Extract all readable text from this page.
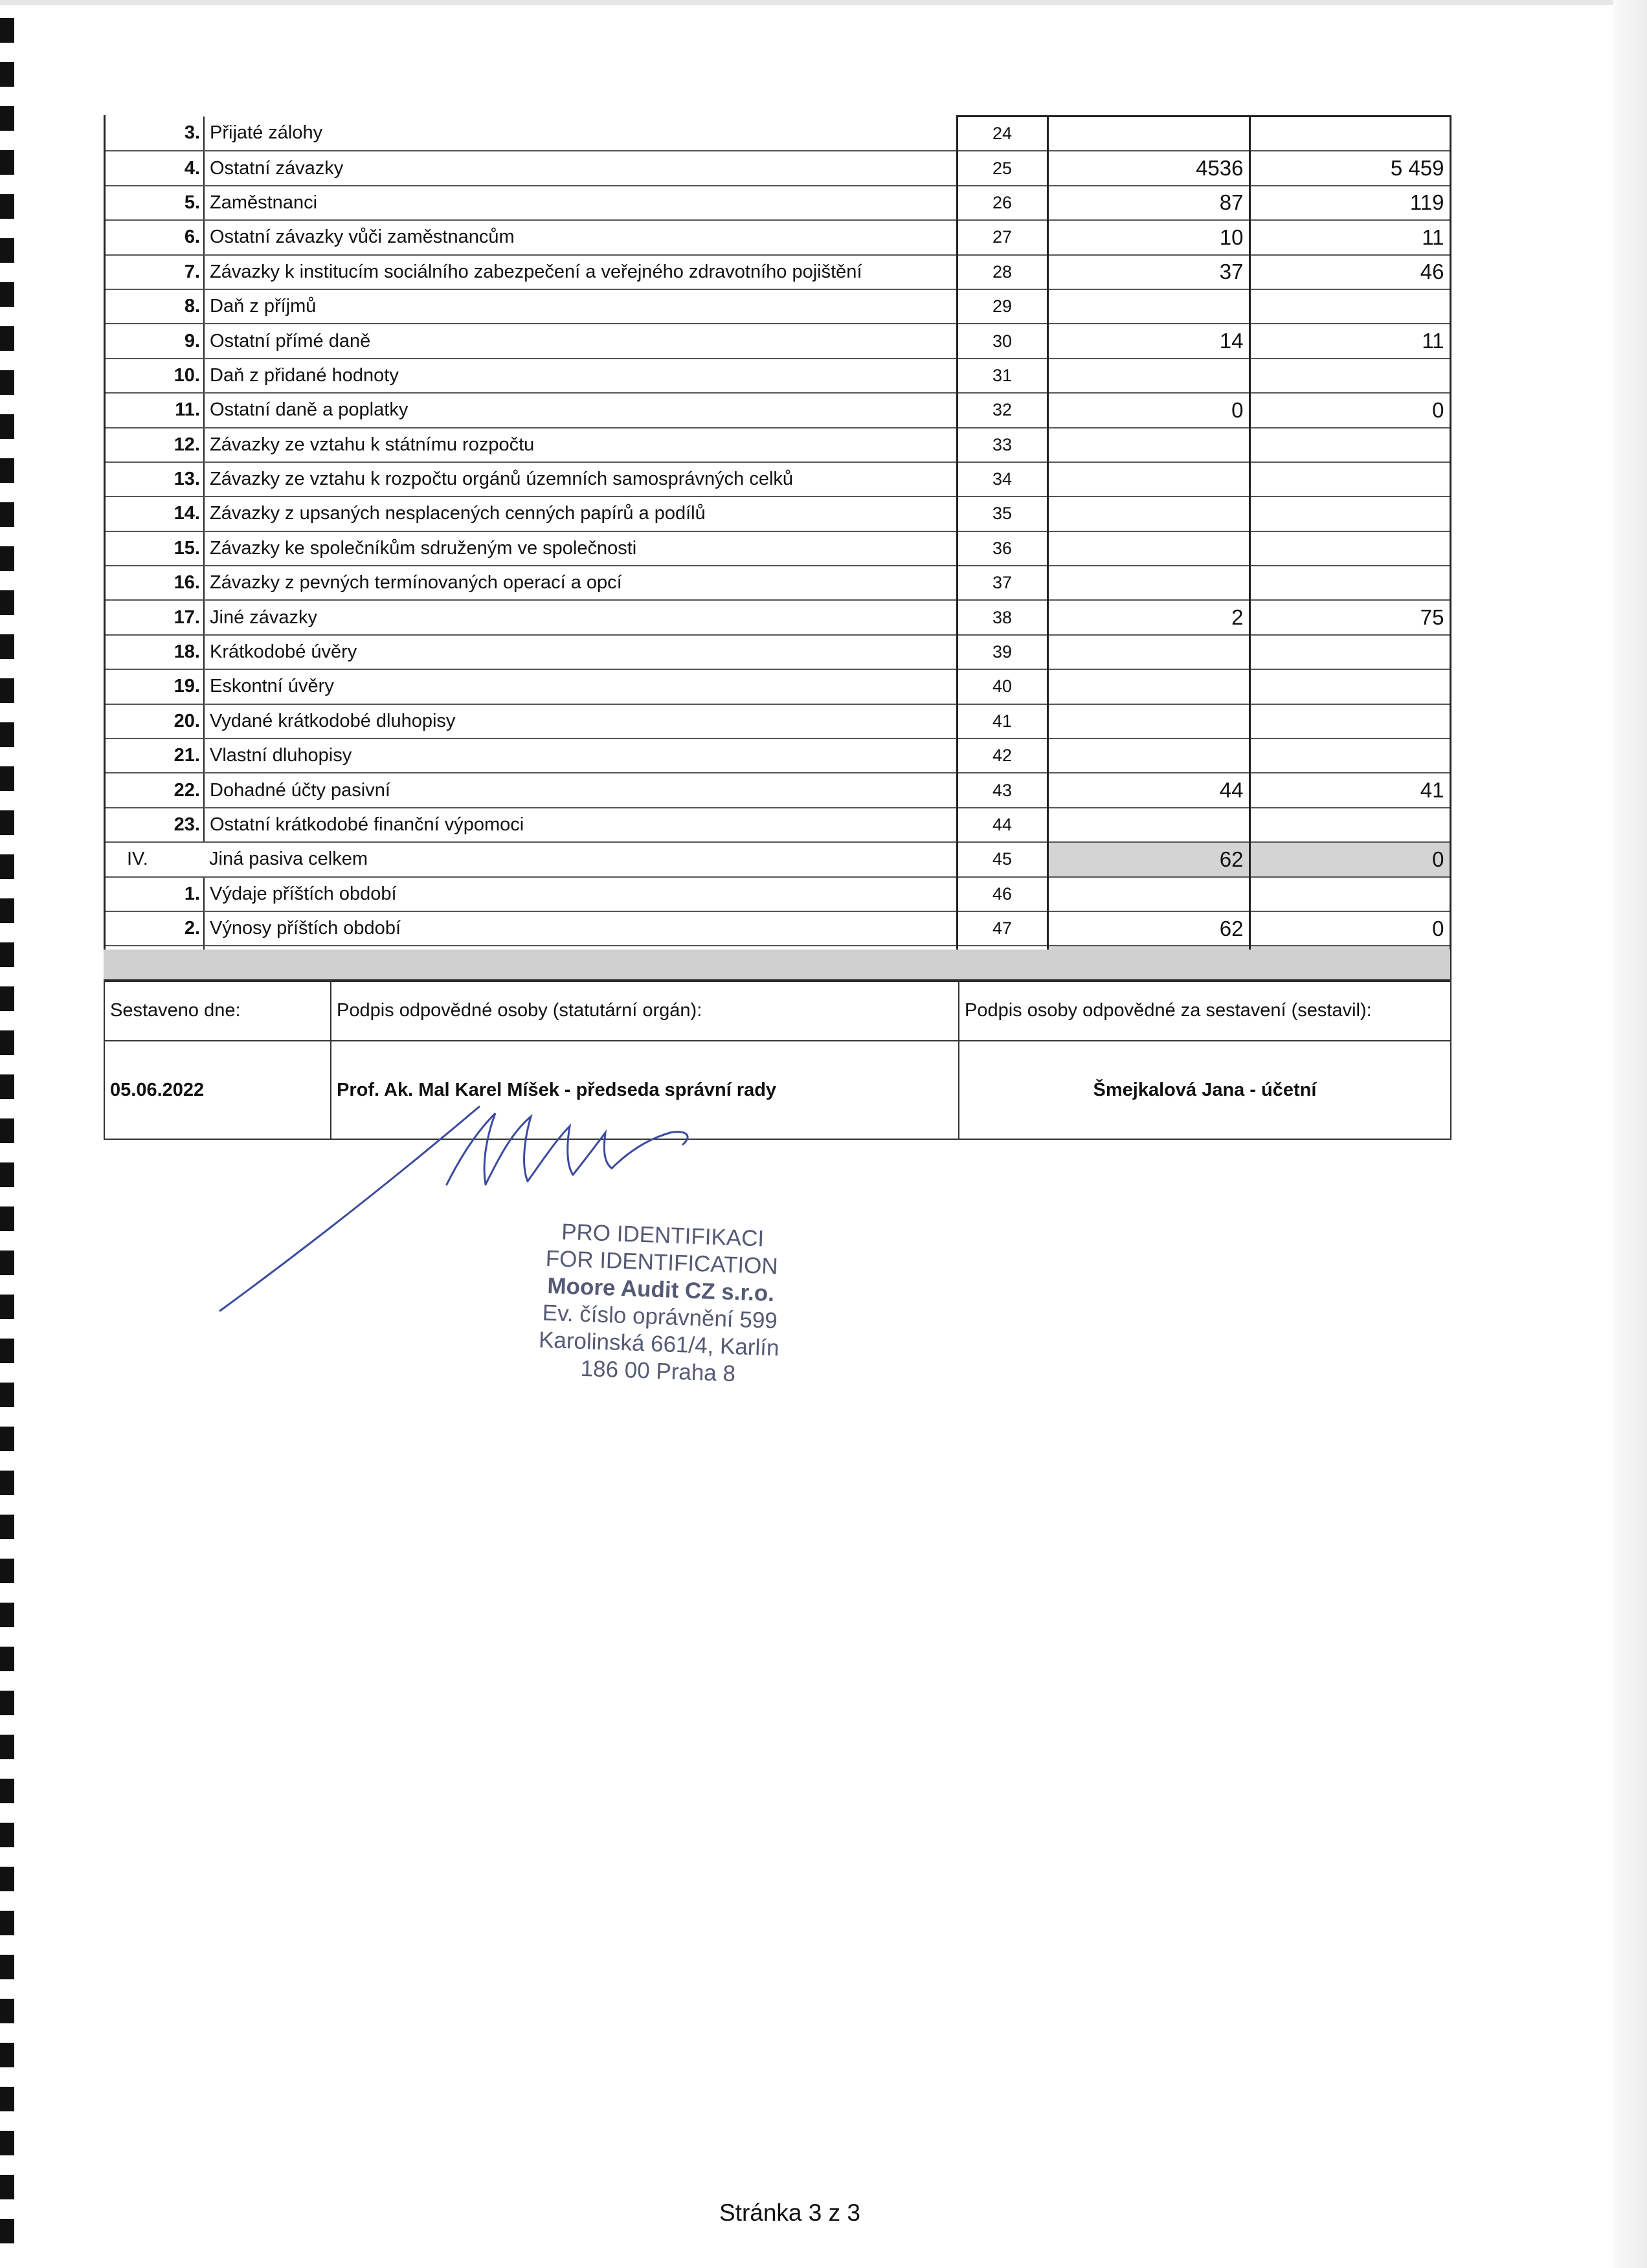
3.	Přijaté zálohy	24		
4.	Ostatní závazky	25	4536	5 459
5.	Zaměstnanci	26	87	119
6.	Ostatní závazky vůči zaměstnancům	27	10	11
7.	Závazky k institucím sociálního zabezpečení a veřejného zdravotního pojištění	28	37	46
8.	Daň z příjmů	29		
9.	Ostatní přímé daně	30	14	11
10.	Daň z přidané hodnoty	31		
11.	Ostatní daně a poplatky	32	0	0
12.	Závazky ze vztahu k státnímu rozpočtu	33		
13.	Závazky ze vztahu k rozpočtu orgánů územních samosprávných celků	34		
14.	Závazky z upsaných nesplacených cenných papírů a podílů	35		
15.	Závazky ke společníkům sdruženým ve společnosti	36		
16.	Závazky z pevných termínovaných operací a opcí	37		
17.	Jiné závazky	38	2	75
18.	Krátkodobé úvěry	39		
19.	Eskontní úvěry	40		
20.	Vydané krátkodobé dluhopisy	41		
21.	Vlastní dluhopisy	42		
22.	Dohadné účty pasivní	43	44	41
23.	Ostatní krátkodobé finanční výpomoci	44		
IV.	Jiná pasiva celkem	45	62	0
1.	Výdaje příštích období	46		
2.	Výnosy příštích období	47	62	0

Sestaveno dne:	Podpis odpovědné osoby (statutární orgán):	Podpis osoby odpovědné za sestavení (sestavil):
05.06.2022	Prof. Ak. Mal Karel Míšek - předseda správní rady	Šmejkalová Jana - účetní
PRO IDENTIFIKACI
FOR IDENTIFICATION
Moore Audit CZ s.r.o.
Ev. číslo oprávnění 599
Karolinská 661/4, Karlín
186 00 Praha 8
Stránka 3 z 3
